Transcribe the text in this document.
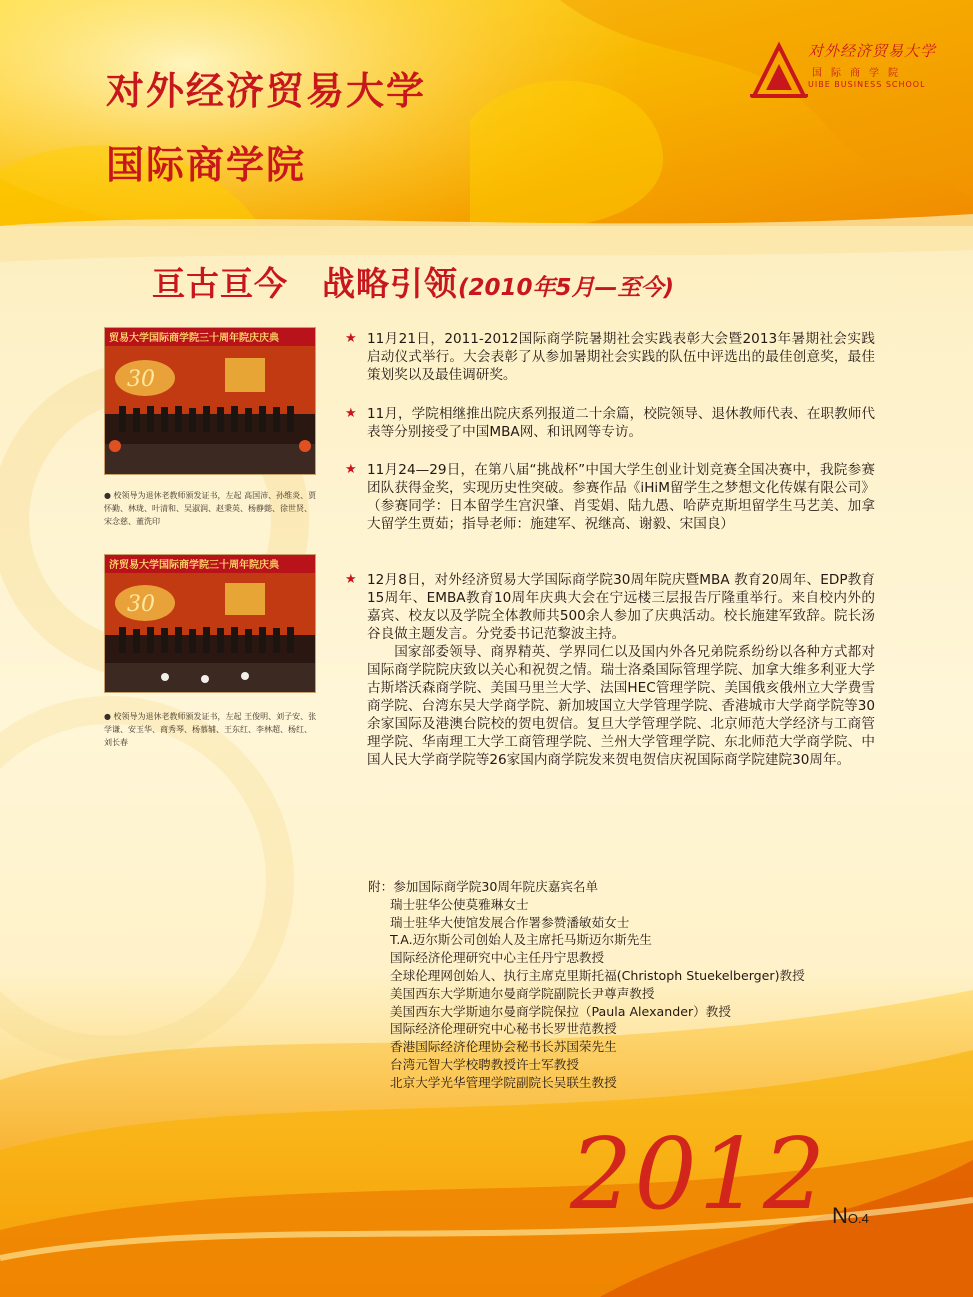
对外经济贸易大学
国际商学院
对外经济贸易大学
国际商学院
UIBE BUSINESS SCHOOL
亘古亘今　战略引领(2010年5月—至今)
贸易大学国际商学院三十周年院庆庆典
30
● 校领导为退休老教师颁发证书，左起 高国沛、孙维炎、贾怀勤、林珑、叶清和、吴淑润、赵秉英、杨静懿、徐世贤、宋念慈、董洗印
济贸易大学国际商学院三十周年院庆典
30
● 校领导为退休老教师颁发证书，左起 王俊明、刘子安、张学谦、安玉华、商秀琴、杨慕辅、王东红、李林超、杨红、刘长春
★ 11月21日，2011-2012国际商学院暑期社会实践表彰大会暨2013年暑期社会实践启动仪式举行。大会表彰了从参加暑期社会实践的队伍中评选出的最佳创意奖，最佳策划奖以及最佳调研奖。

★ 11月，学院相继推出院庆系列报道二十余篇，校院领导、退休教师代表、在职教师代表等分别接受了中国MBA网、和讯网等专访。

★ 11月24—29日，在第八届“挑战杯”中国大学生创业计划竞赛全国决赛中，我院参赛团队获得金奖，实现历史性突破。参赛作品《iHiM留学生之梦想文化传媒有限公司》（参赛同学：日本留学生宫沢肇、肖雯娟、陆九愚、哈萨克斯坦留学生马艺美、加拿大留学生贾茹；指导老师：施建军、祝继高、谢毅、宋国良）

★ 12月8日，对外经济贸易大学国际商学院30周年院庆暨MBA 教育20周年、EDP教育15周年、EMBA教育10周年庆典大会在宁远楼三层报告厅隆重举行。来自校内外的嘉宾、校友以及学院全体教师共500余人参加了庆典活动。校长施建军致辞。院长汤谷良做主题发言。分党委书记范黎波主持。

国家部委领导、商界精英、学界同仁以及国内外各兄弟院系纷纷以各种方式都对国际商学院院庆致以关心和祝贺之情。瑞士洛桑国际管理学院、加拿大维多利亚大学古斯塔沃森商学院、美国马里兰大学、法国HEC管理学院、美国俄亥俄州立大学费雪商学院、台湾东吴大学商学院、新加坡国立大学管理学院、香港城市大学商学院等30余家国际及港澳台院校的贺电贺信。复旦大学管理学院、北京师范大学经济与工商管理学院、华南理工大学工商管理学院、兰州大学管理学院、东北师范大学商学院、中国人民大学商学院等26家国内商学院发来贺电贺信庆祝国际商学院建院30周年。

附：参加国际商学院30周年院庆嘉宾名单

瑞士驻华公使莫雅琳女士
瑞士驻华大使馆发展合作署参赞潘敏茹女士
T.A.迈尔斯公司创始人及主席托马斯迈尔斯先生
国际经济伦理研究中心主任丹宁思教授
全球伦理网创始人、执行主席克里斯托福(Christoph Stuekelberger)教授
美国西东大学斯迪尔曼商学院副院长尹尊声教授
美国西东大学斯迪尔曼商学院保拉（Paula Alexander）教授
国际经济伦理研究中心秘书长罗世范教授
香港国际经济伦理协会秘书长苏国荣先生
台湾元智大学校聘教授许士军教授
北京大学光华管理学院副院长吴联生教授
2012 NO.4
